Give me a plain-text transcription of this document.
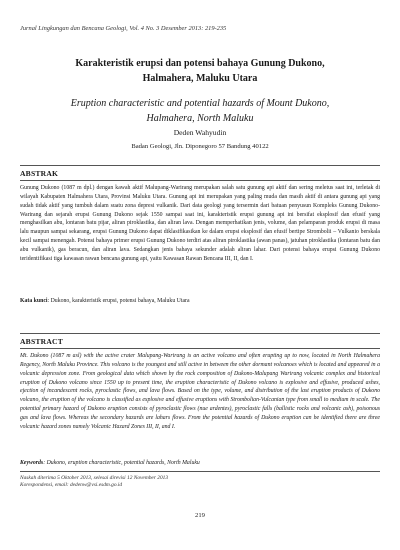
Jurnal Lingkungan dan Bencana Geologi, Vol. 4 No. 3 Desember 2013: 219-235
Karakteristik erupsi dan potensi bahaya Gunung Dukono,
Halmahera, Maluku Utara
Eruption characteristic and potential hazards of Mount Dukono,
Halmahera, North Maluku
Deden Wahyudin
Badan Geologi, Jln. Diponegoro 57 Bandung 40122
ABSTRAK
Gunung Dukono (1087 m dpl.) dengan kawah aktif Malupang-Warirang merupakan salah satu gunung api aktif dan sering meletus saat ini, terletak di wilayah Kabupaten Halmahera Utara, Provinsi Maluku Utara. Gunung api ini merupakan yang paling muda dan masih aktif di antara gunung api yang sudah tidak aktif yang tumbuh dalam suatu zona depresi vulkanik. Dari data geologi yang tersermin dari batuan penyusun Kompleks Gunung Dukono-Warirang dan sejarah erupsi Gunung Dukono sejak 1550 sampai saat ini, karakteristik erupsi gunung api ini bersifat eksplosif dan efusif yang menghasilkan abu, lontaran batu pijar, aliran piroklastika, dan aliran lava. Dengan memperhatikan jenis, volume, dan pelamparan produk erupsi di masa lalu maupun sampai sekarang, erupsi Gunung Dukono dapat diklasifikasikan ke dalam erupsi eksplosif dan efusif bertipe Strombolii – Vulkanio berskala kecil sampai menengah. Potensi bahaya primer erupsi Gunung Dukono terdiri atas aliran piroklastika (awan panas), jatuhan piroklastika (lontaran batu dan abu vulkanik), gas beracun, dan aliran lava. Sedangkan jenis bahaya sekunder adalah aliran lahar. Dari potensi bahaya erupsi Gunung Dukono teridentifikasi tiga kawasan rawan bencana gunung api, yaitu Kawasan Rawan Bencana III, II, dan I.
Kata kunci: Dukono, karakteristik erupsi, potensi bahaya, Maluku Utara
ABSTRACT
Mt. Dukono (1087 m asl) with the active crater Malupang-Warirang is an active volcano and often erupting up to now, located in North Halmahera Regency, North Maluku Province. This volcano is the youngest and still active in between the other dormant volcanoes which is located and appeared in a volcanic depression zone. From geological data which shown by the rock composition of Dukono-Malupang Warirang volcanic complex and historical eruption of Dukono volcano since 1550 up to present time, the eruption characteristic of Dukono volcano is explosive and effusive, produced ashes, ejection of incandescent rocks, pyroclastic flows, and lava flows. Based on the type, volume, and distribution of the last eruption products of Dukono volcano, the eruption of the volcano is classified as explosive and effusive eruptions with Strombolian-Vulcanian type from small to medium in scale. The potential primary hazard of Dukono eruption consists of pyroclastic flows (nue ardentes), pyroclastic falls (ballistic rocks and volcanic ash), poisonous gas and lava flows. Whereas the secondary hazards are lahars flows. From the potential hazards of Dukono eruption can be identified there are three volcanic hazard zones namely Volcanic Hazard Zones III, II, and I.
Keywords: Dukono, eruption characteristic, potential hazards, North Maluku
Naskah diterima 5 Oktober 2013, selesai direvisi 12 November 2013
Korespondensi, email: dedenw@vsi.esdm.go.id
219
